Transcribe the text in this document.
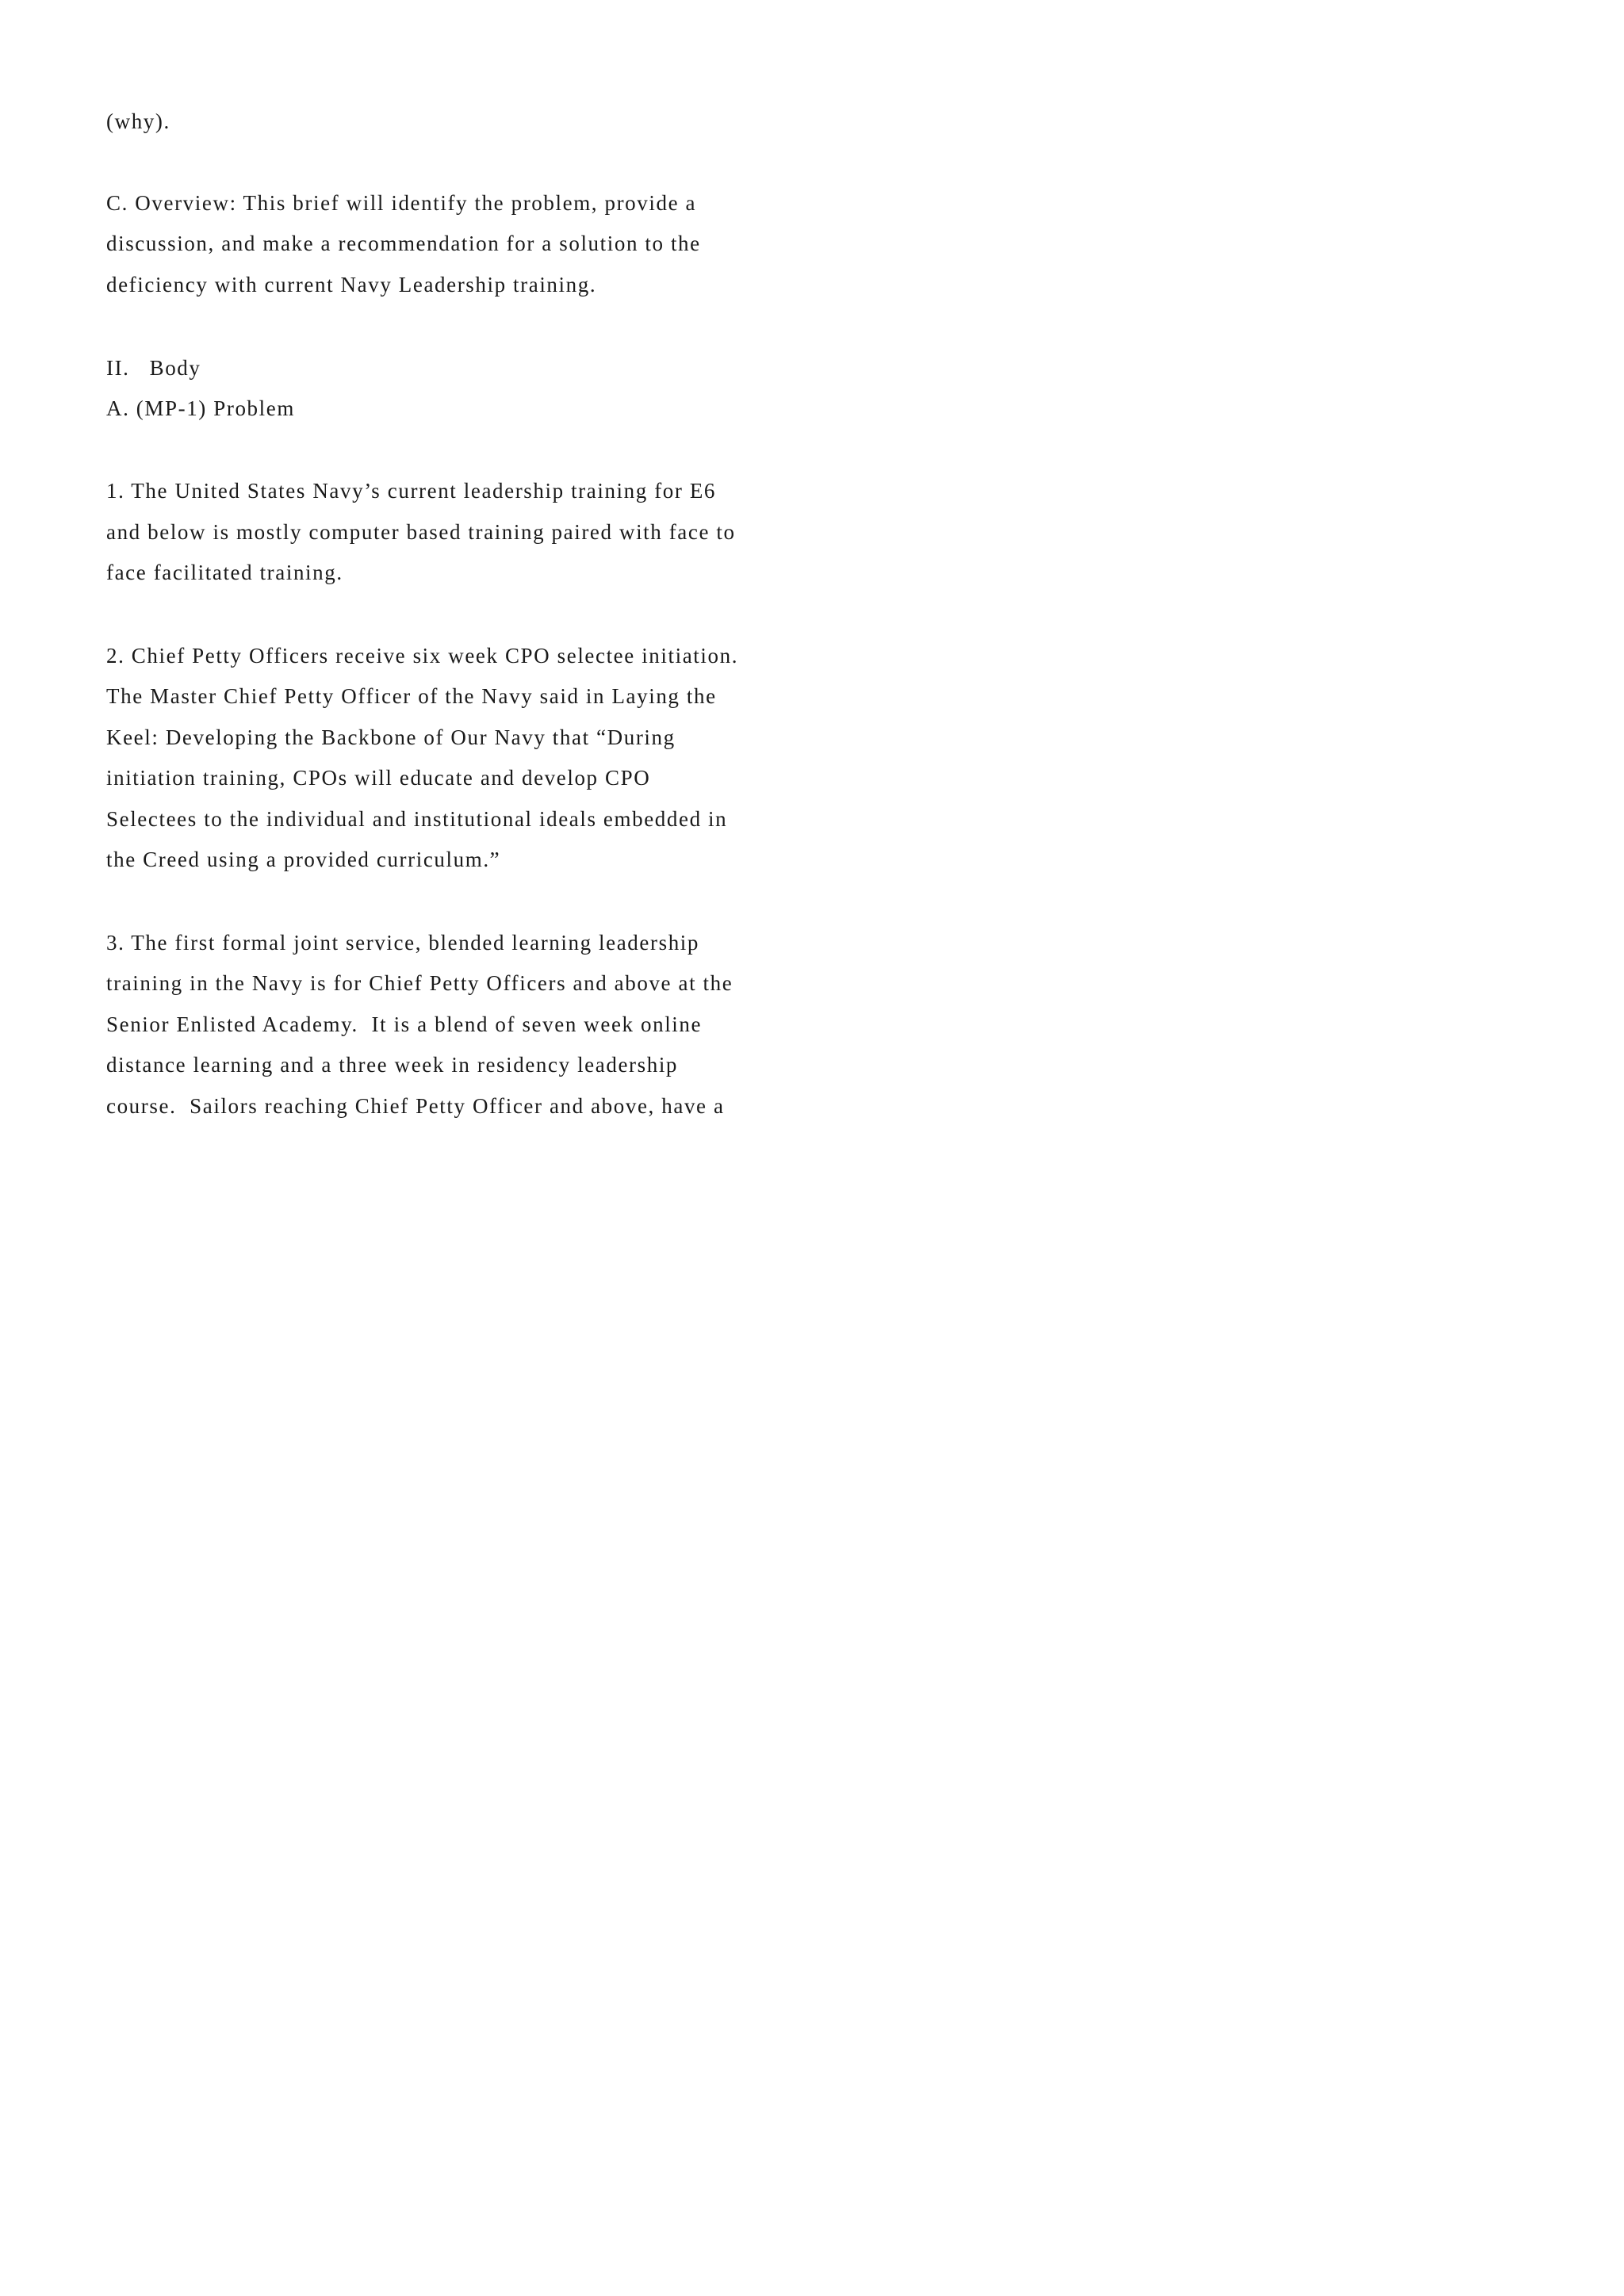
(why).
C. Overview: This brief will identify the problem, provide a
discussion, and make a recommendation for a solution to the
deficiency with current Navy Leadership training.
II.   Body
A. (MP-1) Problem
1. The United States Navy’s current leadership training for E6
and below is mostly computer based training paired with face to
face facilitated training.
2. Chief Petty Officers receive six week CPO selectee initiation.
The Master Chief Petty Officer of the Navy said in Laying the
Keel: Developing the Backbone of Our Navy that “During
initiation training, CPOs will educate and develop CPO
Selectees to the individual and institutional ideals embedded in
the Creed using a provided curriculum.”
3. The first formal joint service, blended learning leadership
training in the Navy is for Chief Petty Officers and above at the
Senior Enlisted Academy.  It is a blend of seven week online
distance learning and a three week in residency leadership
course.  Sailors reaching Chief Petty Officer and above, have a
